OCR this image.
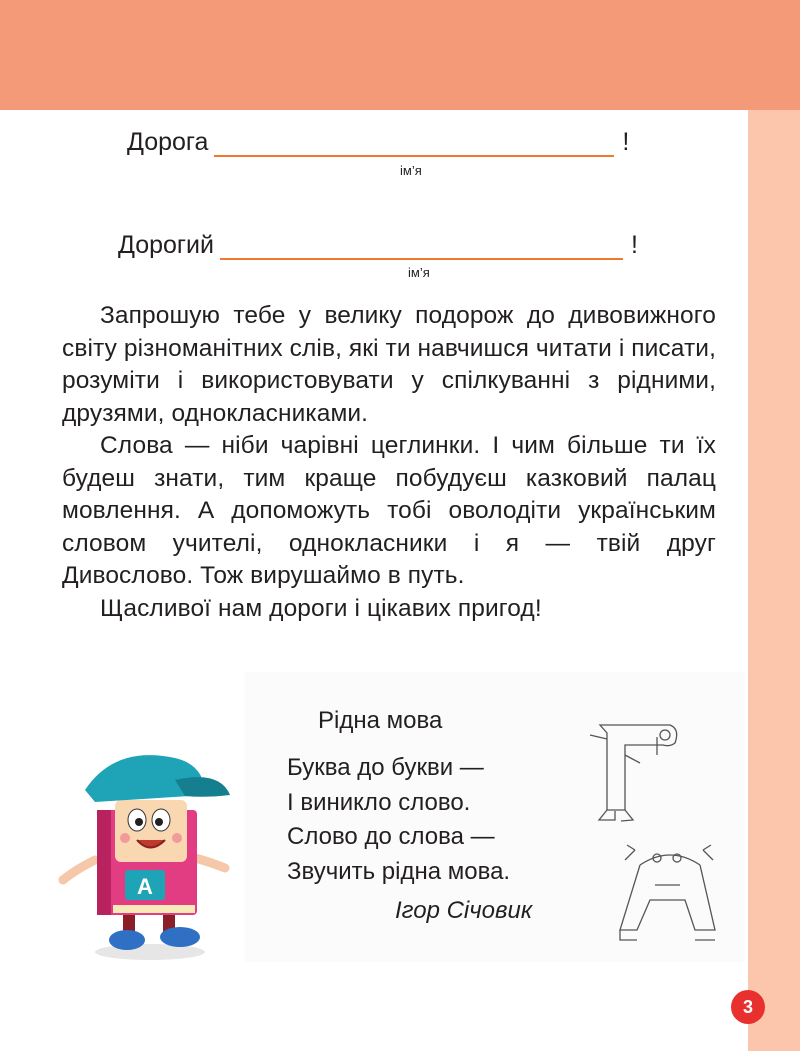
Дорога	!
ім’я
Дорогий	!
ім’я

Запрошую тебе у велику подорож до дивовижного світу різноманітних слів, які ти навчишся читати і писати, розуміти і використовувати у спілкуванні з рідними, друзями, однокласниками.

Слова — ніби чарівні цеглинки. І чим більше ти їх будеш знати, тим краще побудуєш казковий палац мовлення. А допоможуть тобі оволодіти українським словом учителі, однокласники і я — твій друг Дивослово. Тож вирушаймо в путь.

Щасливої нам дороги і цікавих пригод!

Рідна мова
Буква до букви —
І виникло слово.
Слово до слова —
Звучить рідна мова.
Ігор Січовик
А
3
